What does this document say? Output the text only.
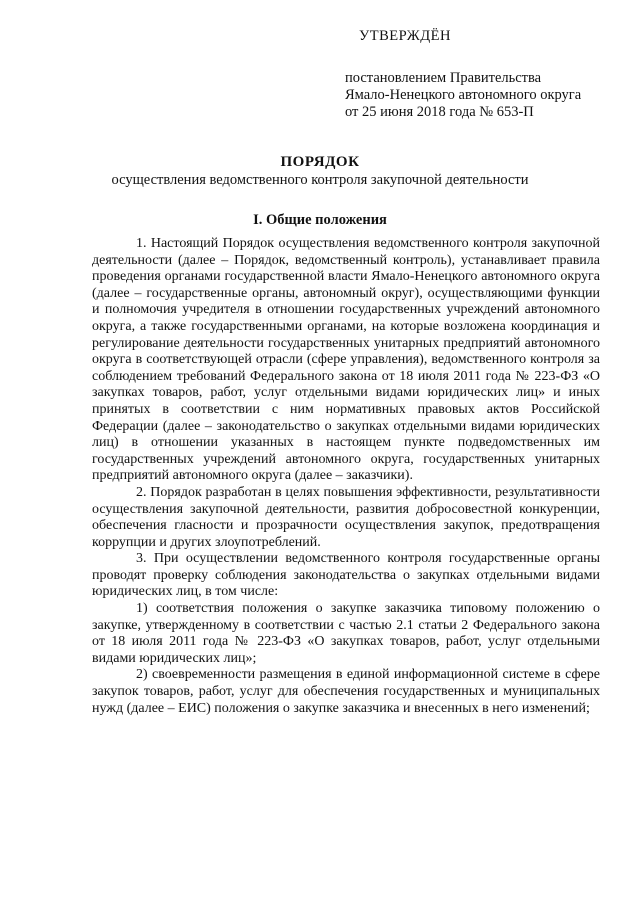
УТВЕРЖДЁН
постановлением Правительства
Ямало-Ненецкого автономного округа
от 25 июня 2018 года № 653-П
ПОРЯДОК
осуществления ведомственного контроля закупочной деятельности
I. Общие положения

1. Настоящий Порядок осуществления ведомственного контроля закупочной деятельности (далее – Порядок, ведомственный контроль), устанавливает правила проведения органами государственной власти Ямало-Ненецкого автономного округа (далее – государственные органы, автономный округ), осуществляющими функции и полномочия учредителя в отношении государственных учреждений автономного округа, а также государственными органами, на которые возложена координация и регулирование деятельности государственных унитарных предприятий автономного округа в соответствующей отрасли (сфере управления), ведомственного контроля за соблюдением требований Федерального закона от 18 июля 2011 года № 223-ФЗ «О закупках товаров, работ, услуг отдельными видами юридических лиц» и иных принятых в соответствии с ним нормативных правовых актов Российской Федерации (далее – законодательство о закупках отдельными видами юридических лиц) в отношении указанных в настоящем пункте подведомственных им государственных учреждений автономного округа, государственных унитарных предприятий автономного округа (далее – заказчики).

2. Порядок разработан в целях повышения эффективности, результативности осуществления закупочной деятельности, развития добросовестной конкуренции, обеспечения гласности и прозрачности осуществления закупок, предотвращения коррупции и других злоупотреблений.

3. При осуществлении ведомственного контроля государственные органы проводят проверку соблюдения законодательства о закупках отдельными видами юридических лиц, в том числе:

1) соответствия положения о закупке заказчика типовому положению о закупке, утвержденному в соответствии с частью 2.1 статьи 2 Федерального закона от 18 июля 2011 года № 223-ФЗ «О закупках товаров, работ, услуг отдельными видами юридических лиц»;

2) своевременности размещения в единой информационной системе в сфере закупок товаров, работ, услуг для обеспечения государственных и муниципальных нужд (далее – ЕИС) положения о закупке заказчика и внесенных в него изменений;
